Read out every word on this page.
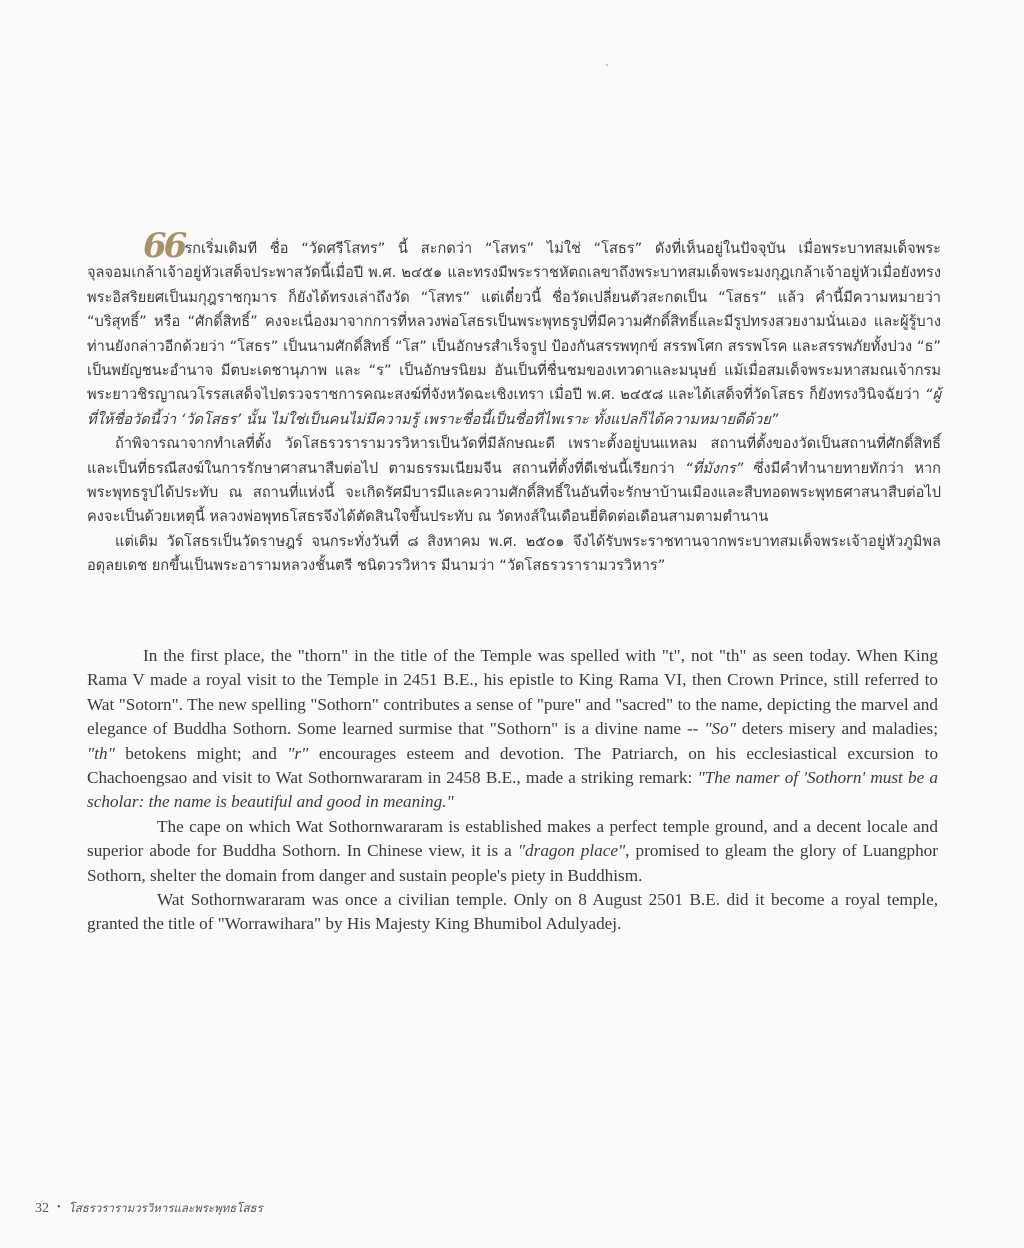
66รกเริ่มเดิมที ชื่อ “วัดศรีโสทร” นี้ สะกดว่า “โสทร” ไม่ใช่ “โสธร” ดังที่เห็นอยู่ในปัจจุบัน เมื่อพระบาทสมเด็จพระจุลจอมเกล้าเจ้าอยู่หัวเสด็จประพาสวัดนี้เมื่อปี พ.ศ. ๒๔๕๑ และทรงมีพระราชหัตถเลขาถึงพระบาทสมเด็จพระมงกุฎเกล้าเจ้าอยู่หัวเมื่อยังทรงพระอิสริยยศเป็นมกุฎราชกุมาร ก็ยังได้ทรงเล่าถึงวัด “โสทร” แต่เดี๋ยวนี้ ชื่อวัดเปลี่ยนตัวสะกดเป็น “โสธร” แล้ว คำนี้มีความหมายว่า “บริสุทธิ์” หรือ “ศักดิ์สิทธิ์” คงจะเนื่องมาจากการที่หลวงพ่อโสธรเป็นพระพุทธรูปที่มีความศักดิ์สิทธิ์และมีรูปทรงสวยงามนั่นเอง และผู้รู้บางท่านยังกล่าวอีกด้วยว่า “โสธร” เป็นนามศักดิ์สิทธิ์ “โส” เป็นอักษรสำเร็จรูป ป้องกันสรรพทุกข์ สรรพโศก สรรพโรค และสรรพภัยทั้งปวง “ธ” เป็นพยัญชนะอำนาจ มีตบะเดชานุภาพ และ “ร” เป็นอักษรนิยม อันเป็นที่ชื่นชมของเทวดาและมนุษย์ แม้เมื่อสมเด็จพระมหาสมณเจ้ากรมพระยาวชิรญาณวโรรสเสด็จไปตรวจราชการคณะสงฆ์ที่จังหวัดฉะเชิงเทรา เมื่อปี พ.ศ. ๒๔๕๘ และได้เสด็จที่วัดโสธร ก็ยังทรงวินิจฉัยว่า “ผู้ที่ให้ชื่อวัดนี้ว่า ‘วัดโสธร’ นั้น ไม่ใช่เป็นคนไม่มีความรู้ เพราะชื่อนี้เป็นชื่อที่ไพเราะ ทั้งแปลก็ได้ความหมายดีด้วย”

ถ้าพิจารณาจากทำเลที่ตั้ง วัดโสธรวรารามวรวิหารเป็นวัดที่มีลักษณะดี เพราะตั้งอยู่บนแหลม สถานที่ตั้งของวัดเป็นสถานที่ศักดิ์สิทธิ์และเป็นที่ธรณีสงฆ์ในการรักษาศาสนาสืบต่อไป ตามธรรมเนียมจีน สถานที่ตั้งที่ดีเช่นนี้เรียกว่า “ที่มังกร” ซึ่งมีคำทำนายทายทักว่า หากพระพุทธรูปได้ประทับ ณ สถานที่แห่งนี้ จะเกิดรัศมีบารมีและความศักดิ์สิทธิ์ในอันที่จะรักษาบ้านเมืองและสืบทอดพระพุทธศาสนาสืบต่อไป คงจะเป็นด้วยเหตุนี้ หลวงพ่อพุทธโสธรจึงได้ตัดสินใจขึ้นประทับ ณ วัดหงส์ในเดือนยี่ติดต่อเดือนสามตามตำนาน

แต่เดิม วัดโสธรเป็นวัดราษฎร์ จนกระทั่งวันที่ ๘ สิงหาคม พ.ศ. ๒๕๐๑ จึงได้รับพระราชทานจากพระบาทสมเด็จพระเจ้าอยู่หัวภูมิพลอดุลยเดช ยกขึ้นเป็นพระอารามหลวงชั้นตรี ชนิดวรวิหาร มีนามว่า “วัดโสธรวรารามวรวิหาร”

In the first place, the "thorn" in the title of the Temple was spelled with "t", not "th" as seen today. When King Rama V made a royal visit to the Temple in 2451 B.E., his epistle to King Rama VI, then Crown Prince, still referred to Wat "Sotorn". The new spelling "Sothorn" contributes a sense of "pure" and "sacred" to the name, depicting the marvel and elegance of Buddha Sothorn. Some learned surmise that "Sothorn" is a divine name -- "So" deters misery and maladies; "th" betokens might; and "r" encourages esteem and devotion. The Patriarch, on his ecclesiastical excursion to Chachoengsao and visit to Wat Sothornwararam in 2458 B.E., made a striking remark: "The namer of 'Sothorn' must be a scholar: the name is beautiful and good in meaning."

The cape on which Wat Sothornwararam is established makes a perfect temple ground, and a decent locale and superior abode for Buddha Sothorn. In Chinese view, it is a "dragon place", promised to gleam the glory of Luangphor Sothorn, shelter the domain from danger and sustain people's piety in Buddhism.

Wat Sothornwararam was once a civilian temple. Only on 8 August 2501 B.E. did it become a royal temple, granted the title of "Worrawihara" by His Majesty King Bhumibol Adulyadej.

32 • โสธรวรารามวรวิหารและพระพุทธโสธร
